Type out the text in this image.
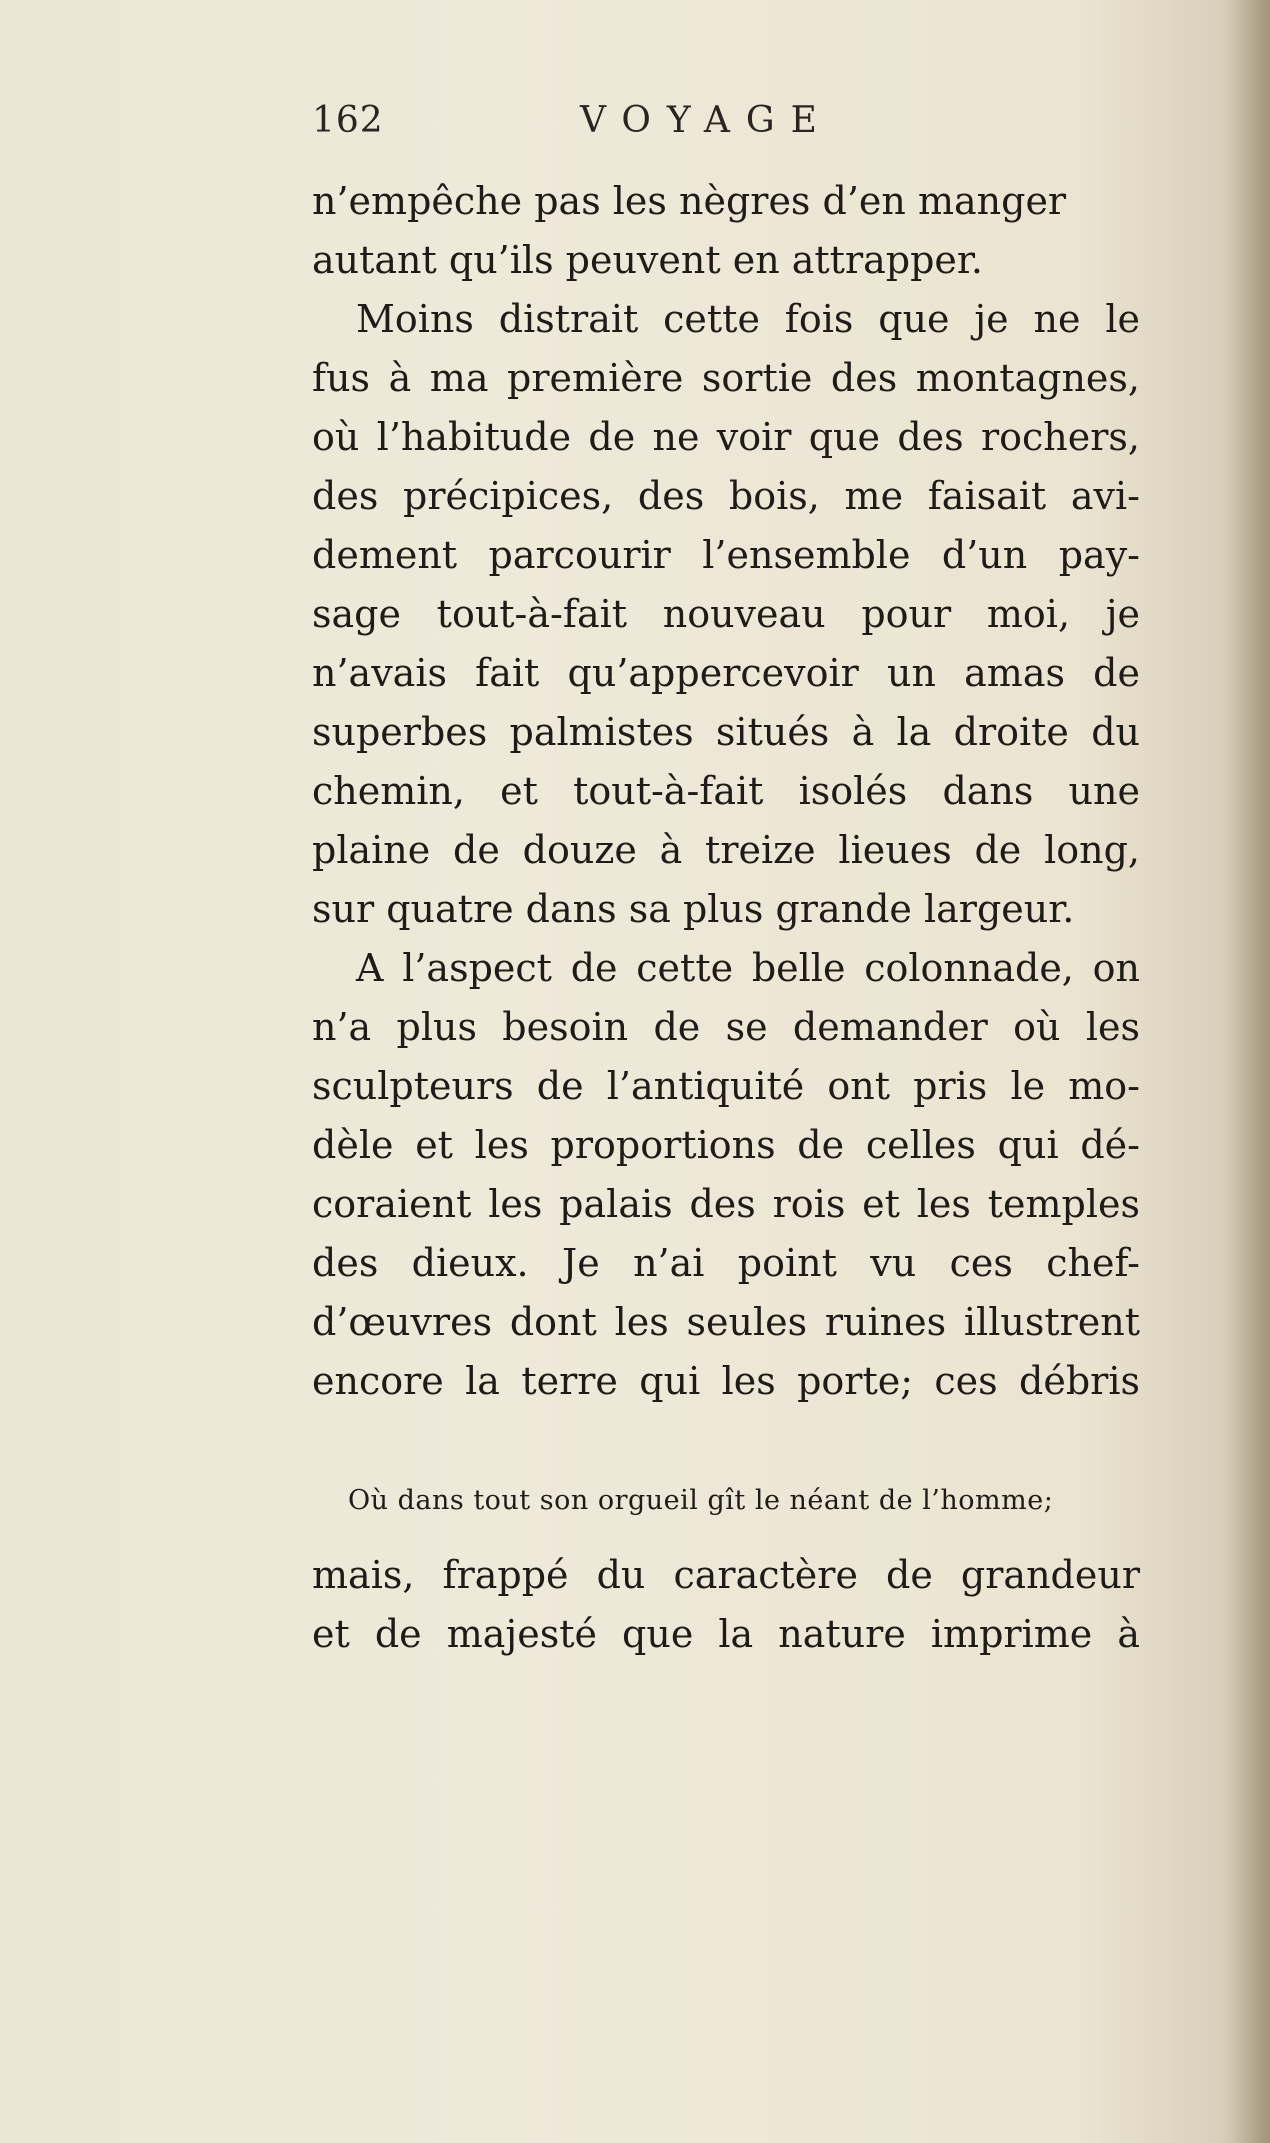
162	VOYAGE
n’empêche pas les nègres d’en manger
autant qu’ils peuvent en attrapper.
Moins distrait cette fois que je ne le
fus à ma première sortie des montagnes,
où l’habitude de ne voir que des rochers,
des précipices, des bois, me faisait avi-
dement parcourir l’ensemble d’un pay-
sage tout-à-fait nouveau pour moi, je
n’avais fait qu’appercevoir un amas de
superbes palmistes situés à la droite du
chemin, et tout-à-fait isolés dans une
plaine de douze à treize lieues de long,
sur quatre dans sa plus grande largeur.
A l’aspect de cette belle colonnade, on
n’a plus besoin de se demander où les
sculpteurs de l’antiquité ont pris le mo-
dèle et les proportions de celles qui dé-
coraient les palais des rois et les temples
des dieux. Je n’ai point vu ces chef-
d’œuvres dont les seules ruines illustrent
encore la terre qui les porte; ces débris
Où dans tout son orgueil gît le néant de l’homme;
mais, frappé du caractère de grandeur
et de majesté que la nature imprime à
